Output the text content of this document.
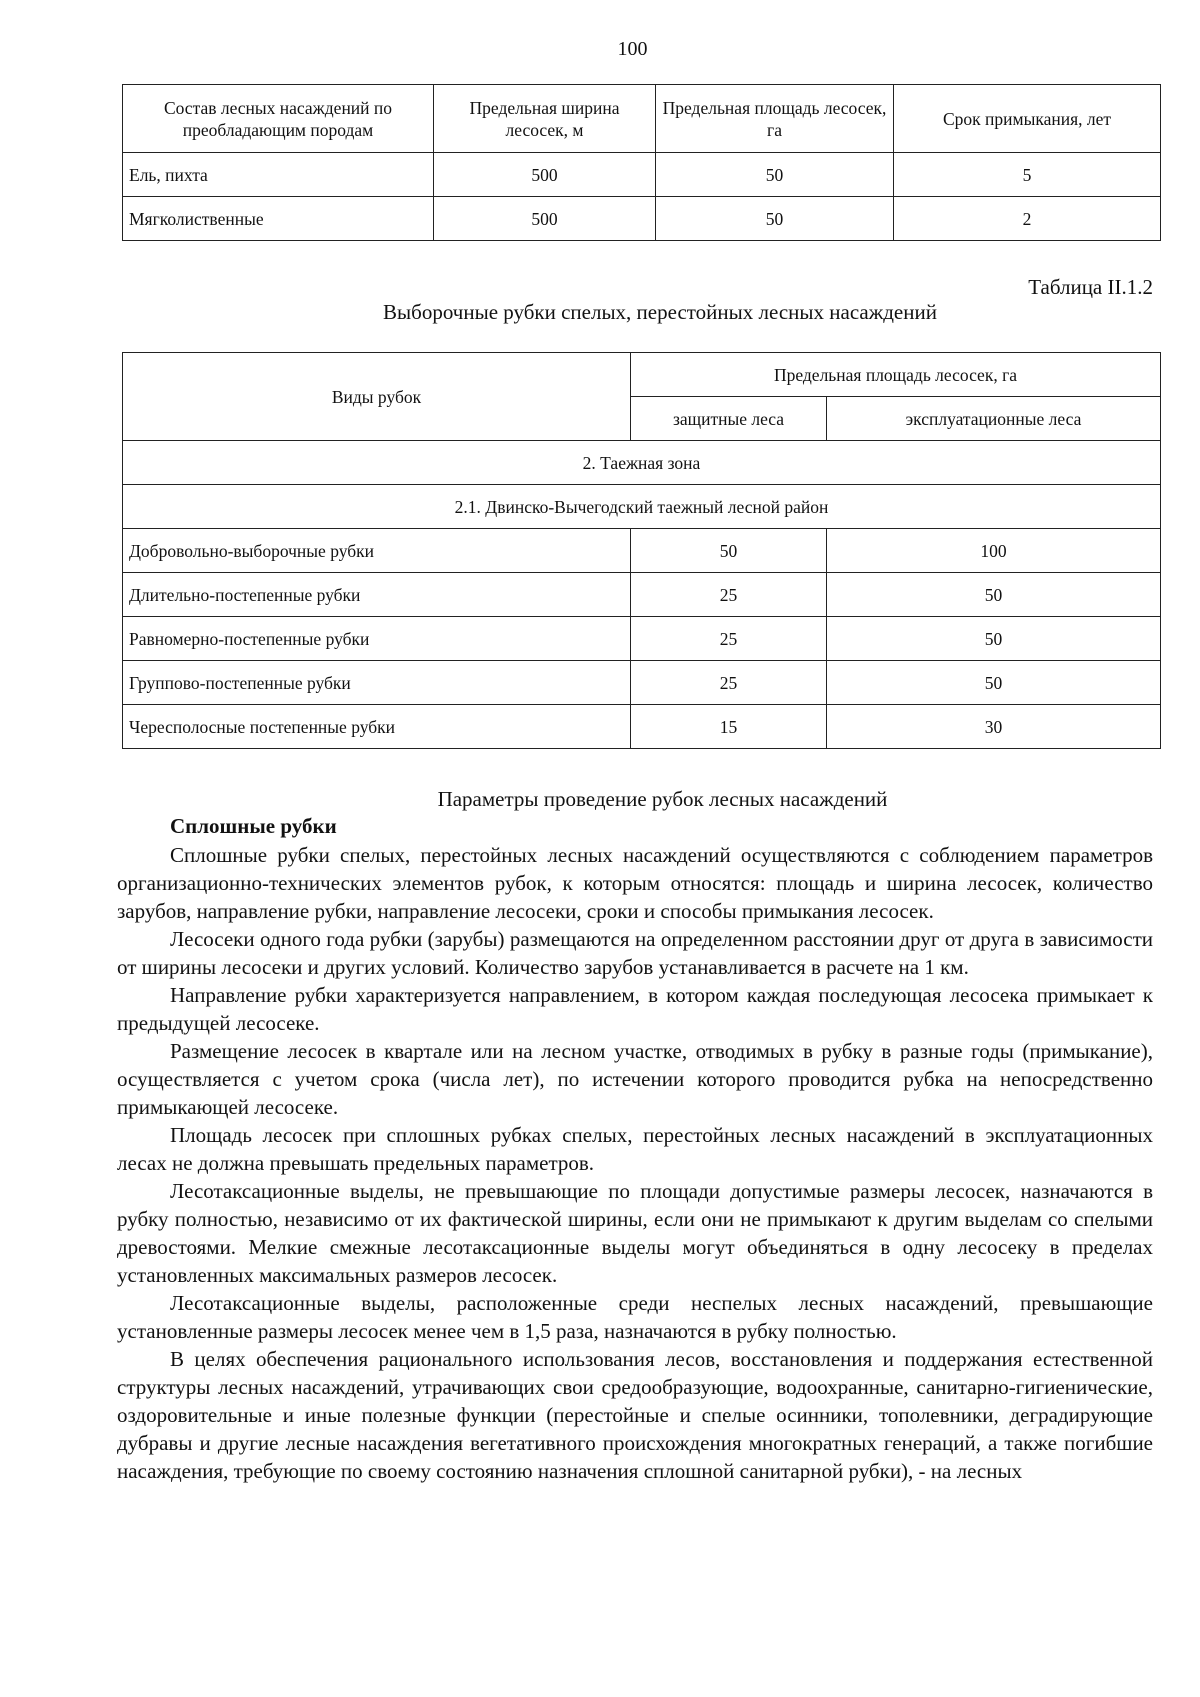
100
Состав лесных насаждений по преобладающим породам	Предельная ширина лесосек, м	Предельная площадь лесосек, га	Срок примыкания, лет
Ель, пихта	500	50	5
Мягколиственные	500	50	2
Таблица II.1.2
Выборочные рубки спелых, перестойных лесных насаждений
Виды рубок	Предельная площадь лесосек, га	
	защитные леса	эксплуатационные леса
2. Таежная зона		
2.1. Двинско-Вычегодский таежный лесной район		
Добровольно-выборочные рубки	50	100
Длительно-постепенные рубки	25	50
Равномерно-постепенные рубки	25	50
Группово-постепенные рубки	25	50
Чересполосные постепенные рубки	15	30
Параметры проведение рубок лесных насаждений
Сплошные рубки

Сплошные рубки спелых, перестойных лесных насаждений осуществляются с соблюдением параметров организационно-технических элементов рубок, к которым относятся: площадь и ширина лесосек, количество зарубов, направление рубки, направление лесосеки, сроки и способы примыкания лесосек.

Лесосеки одного года рубки (зарубы) размещаются на определенном расстоянии друг от друга в зависимости от ширины лесосеки и других условий. Количество зарубов устанавливается в расчете на 1 км.

Направление рубки характеризуется направлением, в котором каждая последующая лесосека примыкает к предыдущей лесосеке.

Размещение лесосек в квартале или на лесном участке, отводимых в рубку в разные годы (примыкание), осуществляется с учетом срока (числа лет), по истечении которого проводится рубка на непосредственно примыкающей лесосеке.

Площадь лесосек при сплошных рубках спелых, перестойных лесных насаждений в эксплуатационных лесах не должна превышать предельных параметров.

Лесотаксационные выделы, не превышающие по площади допустимые размеры лесосек, назначаются в рубку полностью, независимо от их фактической ширины, если они не примыкают к другим выделам со спелыми древостоями. Мелкие смежные лесотаксационные выделы могут объединяться в одну лесосеку в пределах установленных максимальных размеров лесосек.

Лесотаксационные выделы, расположенные среди неспелых лесных насаждений, превышающие установленные размеры лесосек менее чем в 1,5 раза, назначаются в рубку полностью.

В целях обеспечения рационального использования лесов, восстановления и поддержания естественной структуры лесных насаждений, утрачивающих свои средообразующие, водоохранные, санитарно-гигиенические, оздоровительные и иные полезные функции (перестойные и спелые осинники, тополевники, деградирующие дубравы и другие лесные насаждения вегетативного происхождения многократных генераций, а также погибшие насаждения, требующие по своему состоянию назначения сплошной санитарной рубки), - на лесных
